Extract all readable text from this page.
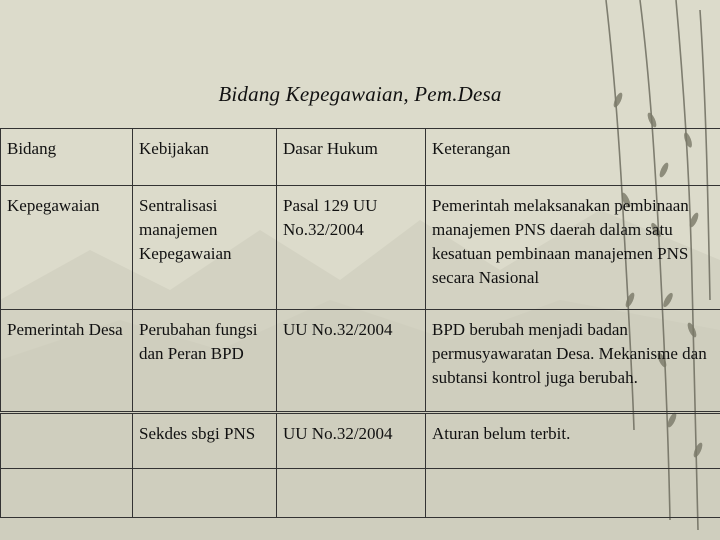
Bidang Kepegawaian, Pem.Desa
Bidang	Kebijakan	Dasar Hukum	Keterangan
Kepegawaian	Sentralisasi manajemen Kepegawaian	Pasal 129 UU No.32/2004	Pemerintah melaksanakan pembinaan manajemen PNS daerah dalam satu kesatuan pembinaan manajemen PNS secara Nasional
Pemerintah Desa	Perubahan fungsi dan Peran BPD	UU No.32/2004	BPD berubah menjadi badan permusyawaratan Desa. Mekanisme dan subtansi kontrol juga berubah.
	Sekdes sbgi PNS	UU No.32/2004	Aturan belum terbit.
